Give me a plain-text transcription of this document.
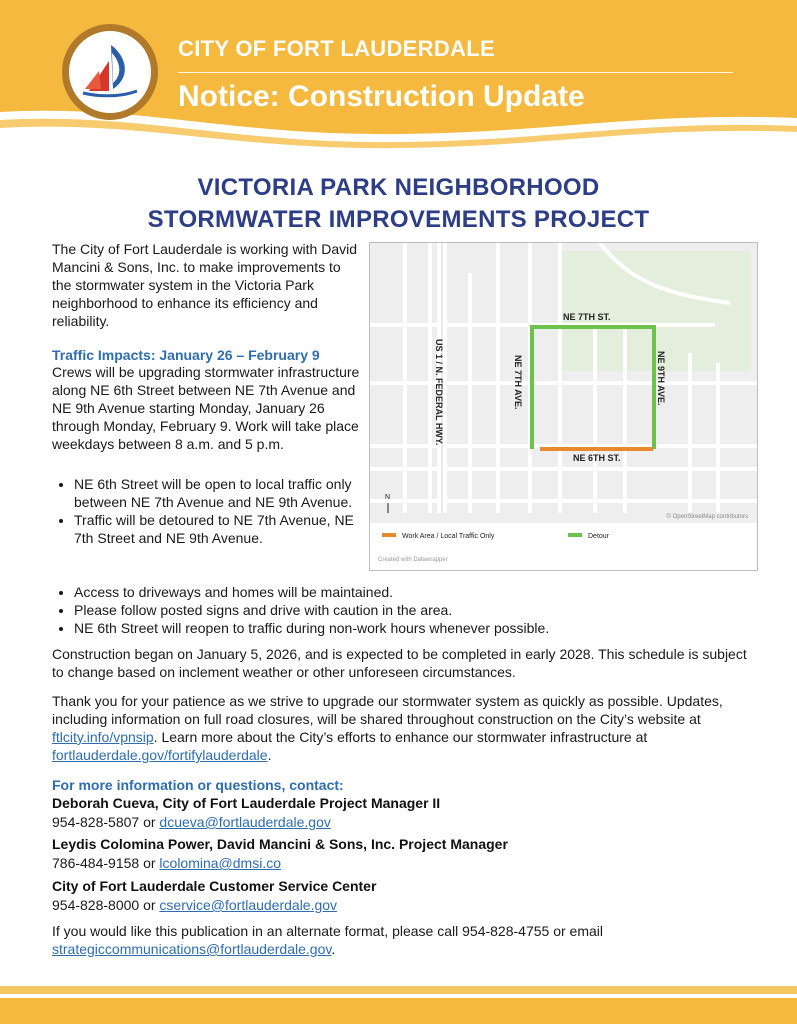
CITY OF FORT LAUDERDALE
Notice: Construction Update
VICTORIA PARK NEIGHBORHOOD
STORMWATER IMPROVEMENTS PROJECT
The City of Fort Lauderdale is working with David Mancini & Sons, Inc. to make improvements to the stormwater system in the Victoria Park neighborhood to enhance its efficiency and reliability.
Traffic Impacts: January 26 – February 9
Crews will be upgrading stormwater infrastructure along NE 6th Street between NE 7th Avenue and NE 9th Avenue starting Monday, January 26 through Monday, February 9. Work will take place weekdays between 8 a.m. and 5 p.m.
• NE 6th Street will be open to local traffic only between NE 7th Avenue and NE 9th Avenue.
• Traffic will be detoured to NE 7th Avenue, NE 7th Street and NE 9th Avenue.
• Access to driveways and homes will be maintained.
• Please follow posted signs and drive with caution in the area.
• NE 6th Street will reopen to traffic during non-work hours whenever possible.
NE 7TH ST.
NE 6TH ST.
NE 7TH AVE.	NE 9TH AVE.
US 1 / N. FEDERAL HWY.
N
© OpenStreetMap contributors
Work Area / Local Traffic Only	Detour
Created with Datawrapper
Construction began on January 5, 2026, and is expected to be completed in early 2028. This schedule is subject to change based on inclement weather or other unforeseen circumstances.
Thank you for your patience as we strive to upgrade our stormwater system as quickly as possible. Updates, including information on full road closures, will be shared throughout construction on the City’s website at ftlcity.info/vpnsip. Learn more about the City’s efforts to enhance our stormwater infrastructure at fortlauderdale.gov/fortifylauderdale.
For more information or questions, contact:
Deborah Cueva, City of Fort Lauderdale Project Manager II
954-828-5807 or dcueva@fortlauderdale.gov
Leydis Colomina Power, David Mancini & Sons, Inc. Project Manager
786-484-9158 or lcolomina@dmsi.co
City of Fort Lauderdale Customer Service Center
954-828-8000 or cservice@fortlauderdale.gov
If you would like this publication in an alternate format, please call 954-828-4755 or email strategiccommunications@fortlauderdale.gov.
